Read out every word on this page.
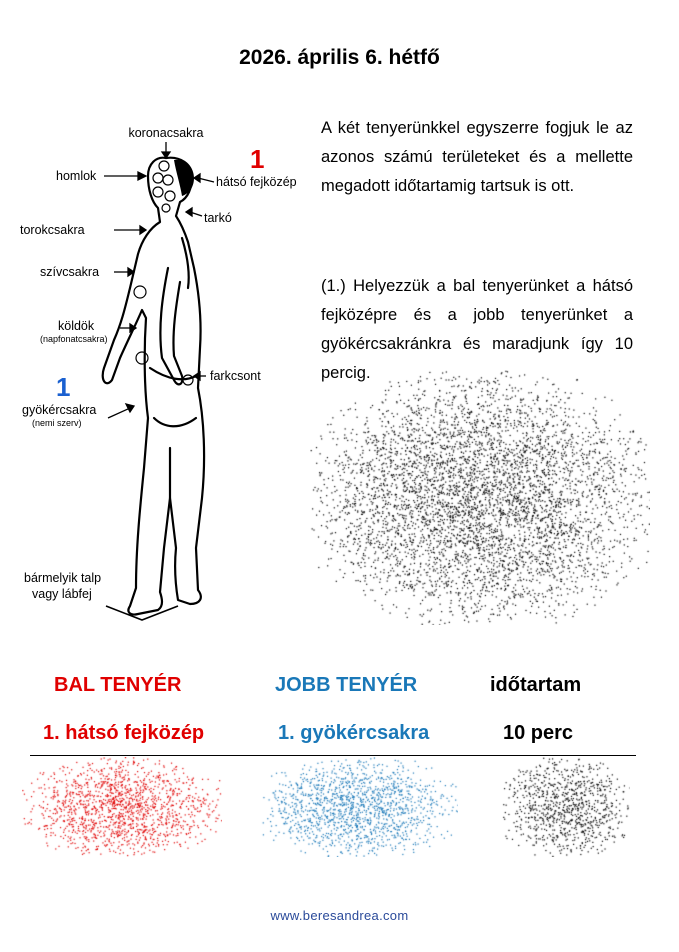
2026. április 6. hétfő
koronacsakra
homlok	hátsó fejközép
tarkó
torokcsakra
szívcsakra
köldök
(napfonatcsakra)
farkcsont
gyökércsakra
(nemi szerv)
bármelyik talp
vagy lábfej
1
1
A két tenyerünkkel egyszerre fogjuk le az azonos számú területeket és a mellette megadott időtartamig tartsuk is ott.
(1.) Helyezzük a bal tenyerünket a hátsó fejközépre és a jobb tenyerünket a gyökércsakránkra és maradjunk így 10
BAL TENYÉR	JOBB TENYÉR	időtartam
1. hátsó fejközép	1. gyökércsakra	10 perc
www.beresandrea.com
